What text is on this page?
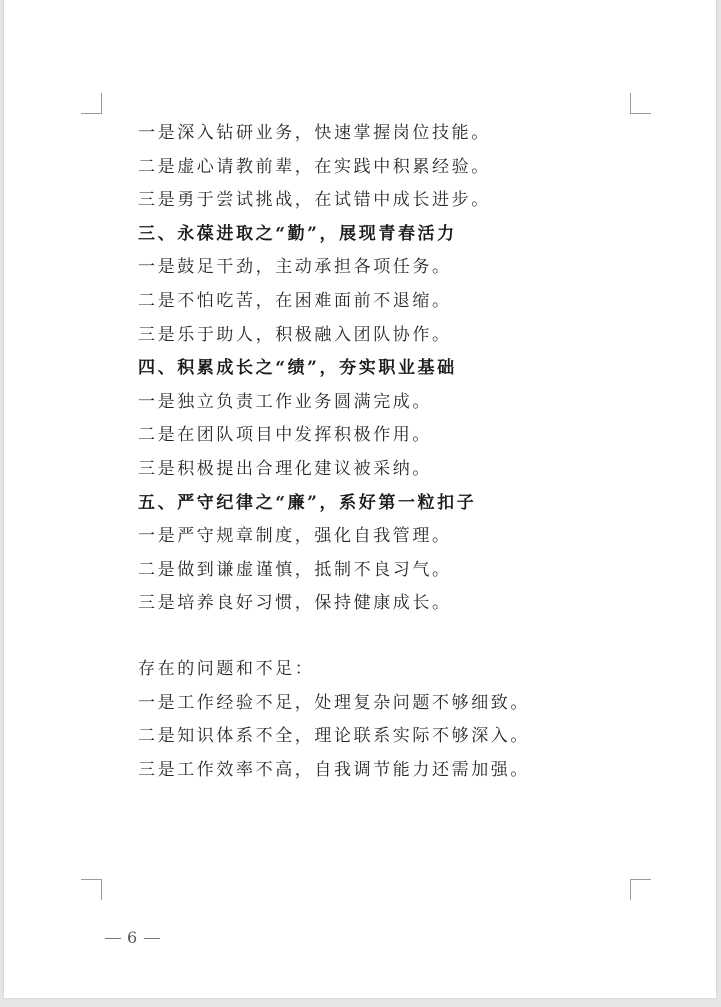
一是深入钻研业务，快速掌握岗位技能。
二是虚心请教前辈，在实践中积累经验。
三是勇于尝试挑战，在试错中成长进步。
三、永葆进取之“勤”，展现青春活力
一是鼓足干劲，主动承担各项任务。
二是不怕吃苦，在困难面前不退缩。
三是乐于助人，积极融入团队协作。
四、积累成长之“绩”，夯实职业基础
一是独立负责工作业务圆满完成。
二是在团队项目中发挥积极作用。
三是积极提出合理化建议被采纳。
五、严守纪律之“廉”，系好第一粒扣子
一是严守规章制度，强化自我管理。
二是做到谦虚谨慎，抵制不良习气。
三是培养良好习惯，保持健康成长。
存在的问题和不足：
一是工作经验不足，处理复杂问题不够细致。
二是知识体系不全，理论联系实际不够深入。
三是工作效率不高，自我调节能力还需加强。
6
